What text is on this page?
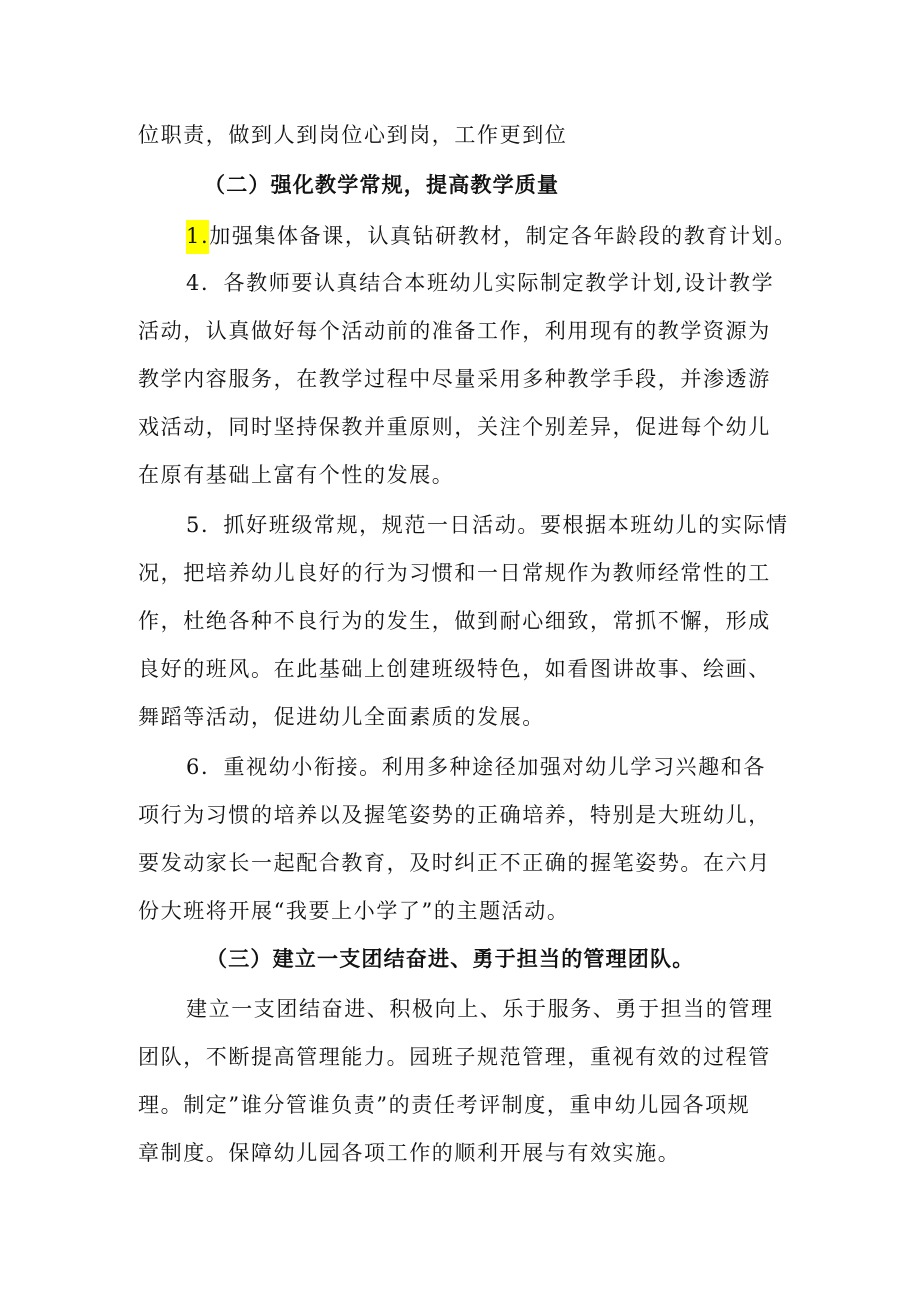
位职责，做到人到岗位心到岗，工作更到位
（二）强化教学常规，提高教学质量
1.加强集体备课，认真钻研教材，制定各年龄段的教育计划。
4．各教师要认真结合本班幼儿实际制定教学计划,设计教学
活动，认真做好每个活动前的准备工作，利用现有的教学资源为
教学内容服务，在教学过程中尽量采用多种教学手段，并渗透游
戏活动，同时坚持保教并重原则，关注个别差异，促进每个幼儿
在原有基础上富有个性的发展。
5．抓好班级常规，规范一日活动。要根据本班幼儿的实际情
况，把培养幼儿良好的行为习惯和一日常规作为教师经常性的工
作，杜绝各种不良行为的发生，做到耐心细致，常抓不懈，形成
良好的班风。在此基础上创建班级特色，如看图讲故事、绘画、
舞蹈等活动，促进幼儿全面素质的发展。
6．重视幼小衔接。利用多种途径加强对幼儿学习兴趣和各
项行为习惯的培养以及握笔姿势的正确培养，特别是大班幼儿，
要发动家长一起配合教育，及时纠正不正确的握笔姿势。在六月
份大班将开展“我要上小学了”的主题活动。
（三）建立一支团结奋进、勇于担当的管理团队。
建立一支团结奋进、积极向上、乐于服务、勇于担当的管理
团队，不断提高管理能力。园班子规范管理，重视有效的过程管
理。制定”谁分管谁负责”的责任考评制度，重申幼儿园各项规
章制度。保障幼儿园各项工作的顺利开展与有效实施。
